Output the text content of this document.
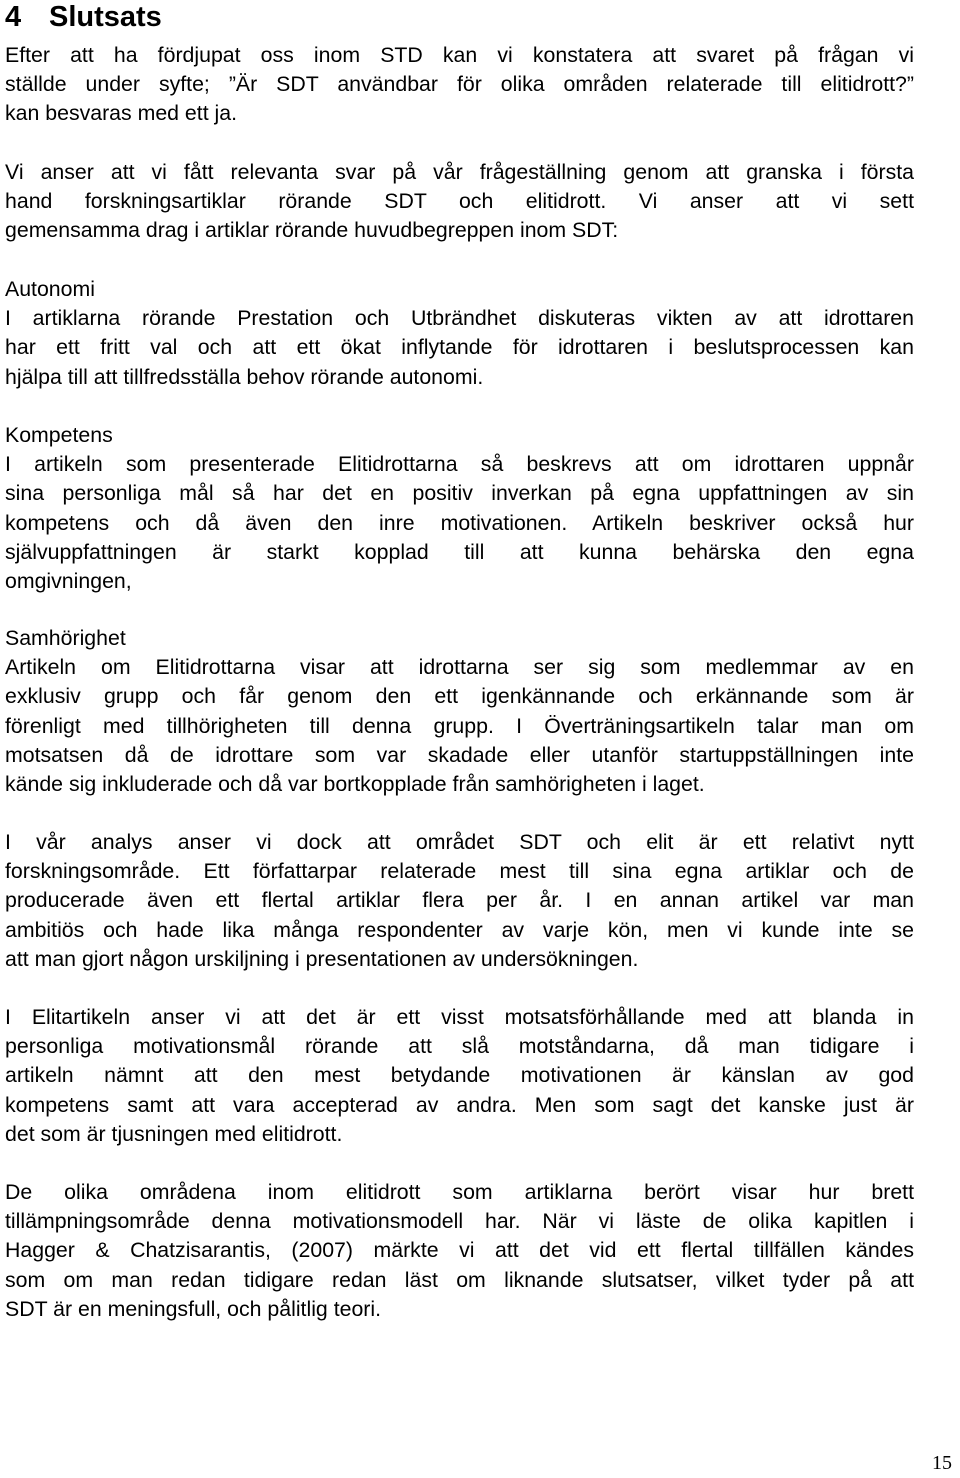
4 Slutsats
Efter att ha fördjupat oss inom STD kan vi konstatera att svaret på frågan vi
ställde under syfte; ”Är SDT användbar för olika områden relaterade till elitidrott?”
kan besvaras med ett ja.
Vi anser att vi fått relevanta svar på vår frågeställning genom att granska i första
hand forskningsartiklar rörande SDT och elitidrott. Vi anser att vi sett
gemensamma drag i artiklar rörande huvudbegreppen inom SDT:
Autonomi
I artiklarna rörande Prestation och Utbrändhet diskuteras vikten av att idrottaren
har ett fritt val och att ett ökat inflytande för idrottaren i beslutsprocessen kan
hjälpa till att tillfredsställa behov rörande autonomi.
Kompetens
I artikeln som presenterade Elitidrottarna så beskrevs att om idrottaren uppnår
sina personliga mål så har det en positiv inverkan på egna uppfattningen av sin
kompetens och då även den inre motivationen. Artikeln beskriver också hur
självuppfattningen är starkt kopplad till att kunna behärska den egna
omgivningen,
Samhörighet
Artikeln om Elitidrottarna visar att idrottarna ser sig som medlemmar av en
exklusiv grupp och får genom den ett igenkännande och erkännande som är
förenligt med tillhörigheten till denna grupp. I Överträningsartikeln talar man om
motsatsen då de idrottare som var skadade eller utanför startuppställningen inte
kände sig inkluderade och då var bortkopplade från samhörigheten i laget.
I vår analys anser vi dock att området SDT och elit är ett relativt nytt
forskningsområde. Ett författarpar relaterade mest till sina egna artiklar och de
producerade även ett flertal artiklar flera per år. I en annan artikel var man
ambitiös och hade lika många respondenter av varje kön, men vi kunde inte se
att man gjort någon urskiljning i presentationen av undersökningen.
I Elitartikeln anser vi att det är ett visst motsatsförhållande med att blanda in
personliga motivationsmål rörande att slå motståndarna, då man tidigare i
artikeln nämnt att den mest betydande motivationen är känslan av god
kompetens samt att vara accepterad av andra. Men som sagt det kanske just är
det som är tjusningen med elitidrott.
De olika områdena inom elitidrott som artiklarna berört visar hur brett
tillämpningsområde denna motivationsmodell har. När vi läste de olika kapitlen i
Hagger & Chatzisarantis, (2007) märkte vi att det vid ett flertal tillfällen kändes
som om man redan tidigare redan läst om liknande slutsatser, vilket tyder på att
SDT är en meningsfull, och pålitlig teori.
15
